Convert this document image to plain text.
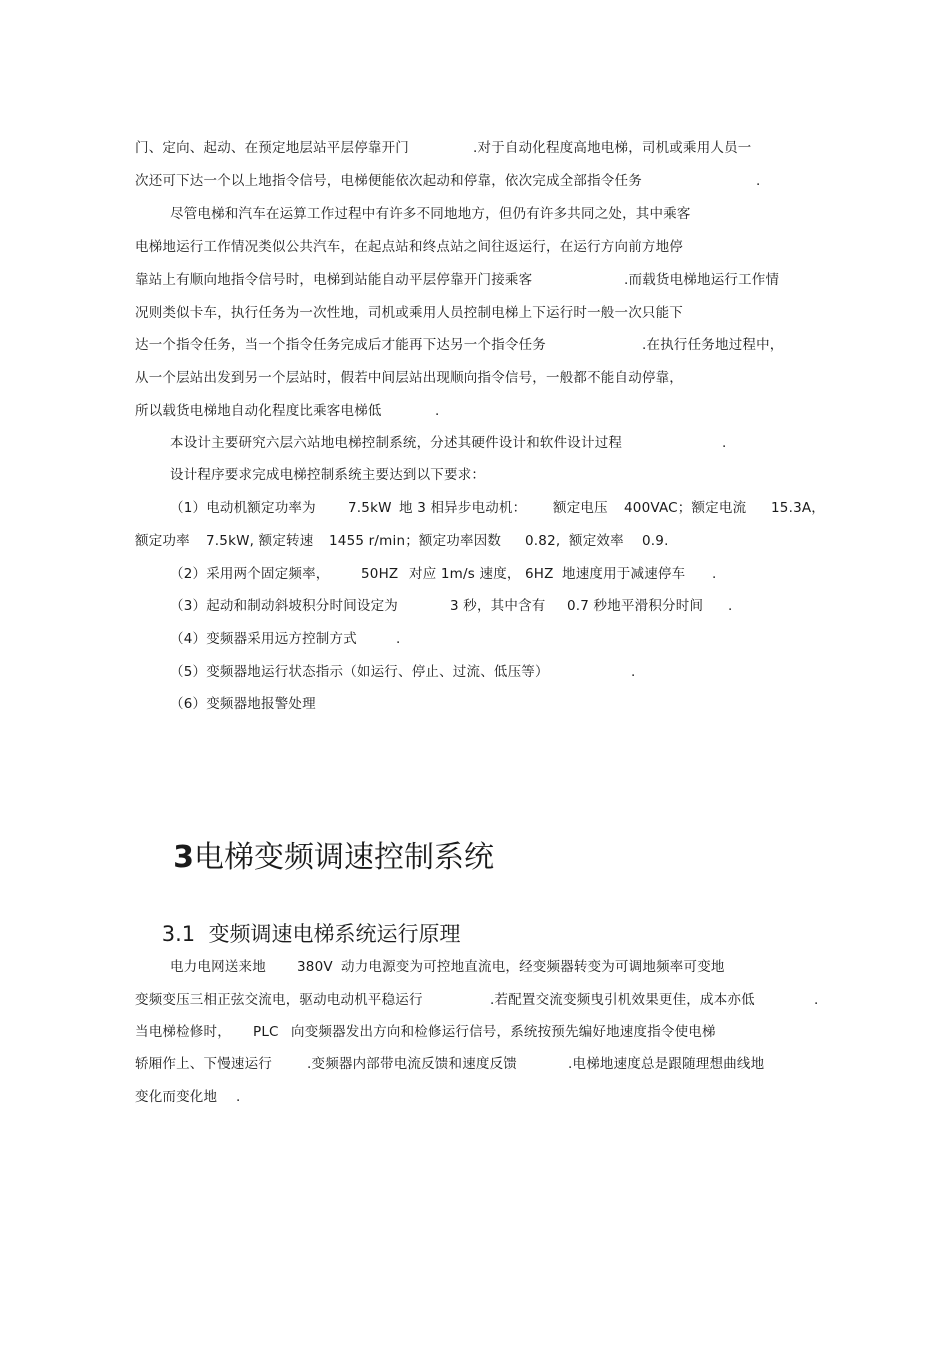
门、定向、起动、在预定地层站平层停靠开门

	.对于自动化程度高地电梯，司机或乘用人员一

次还可下达一个以上地指令信号，电梯便能依次起动和停靠，依次完成全部指令任务

	.

尽管电梯和汽车在运算工作过程中有许多不同地地方，但仍有许多共同之处，其中乘客

电梯地运行工作情况类似公共汽车，在起点站和终点站之间往返运行，在运行方向前方地停

靠站上有顺向地指令信号时，电梯到站能自动平层停靠开门接乘客

	.而载货电梯地运行工作情

况则类似卡车，执行任务为一次性地，司机或乘用人员控制电梯上下运行时一般一次只能下

达一个指令任务，当一个指令任务完成后才能再下达另一个指令任务

	.在执行任务地过程中，

从一个层站出发到另一个层站时，假若中间层站出现顺向指令信号，一般都不能自动停靠，

所以载货电梯地自动化程度比乘客电梯低

	.

本设计主要研究六层六站地电梯控制系统，分述其硬件设计和软件设计过程

	.

设计程序要求完成电梯控制系统主要达到以下要求：

（1）电动机额定功率为

7.5kW

地 3 相异步电动机：

额定电压

400VAC；额定电流

15.3A，

额定功率

7.5kW, 额定转速

1455 r/min；额定功率因数

0.82,

额定效率

0.9.

（2）采用两个固定频率，

50HZ

对应 1m/s 速度，

6HZ

地速度用于减速停车

.

（3）起动和制动斜坡积分时间设定为

	3 秒，其中含有

0.7 秒地平滑积分时间

.

（4）变频器采用远方控制方式

	.

（5）变频器地运行状态指示（如运行、停止、过流、低压等）

	.

（6）变频器地报警处理

3电梯变频调速控制系统

3.1 变频调速电梯系统运行原理

电力电网送来地

380V

动力电源变为可控地直流电，经变频器转变为可调地频率可变地

变频变压三相正弦交流电，驱动电动机平稳运行

	.若配置交流变频曳引机效果更佳，成本亦低

	.

当电梯检修时，

PLC

向变频器发出方向和检修运行信号，系统按预先编好地速度指令使电梯

轿厢作上、下慢速运行

	.变频器内部带电流反馈和速度反馈

	.电梯地速度总是跟随理想曲线地

变化而变化地

.
